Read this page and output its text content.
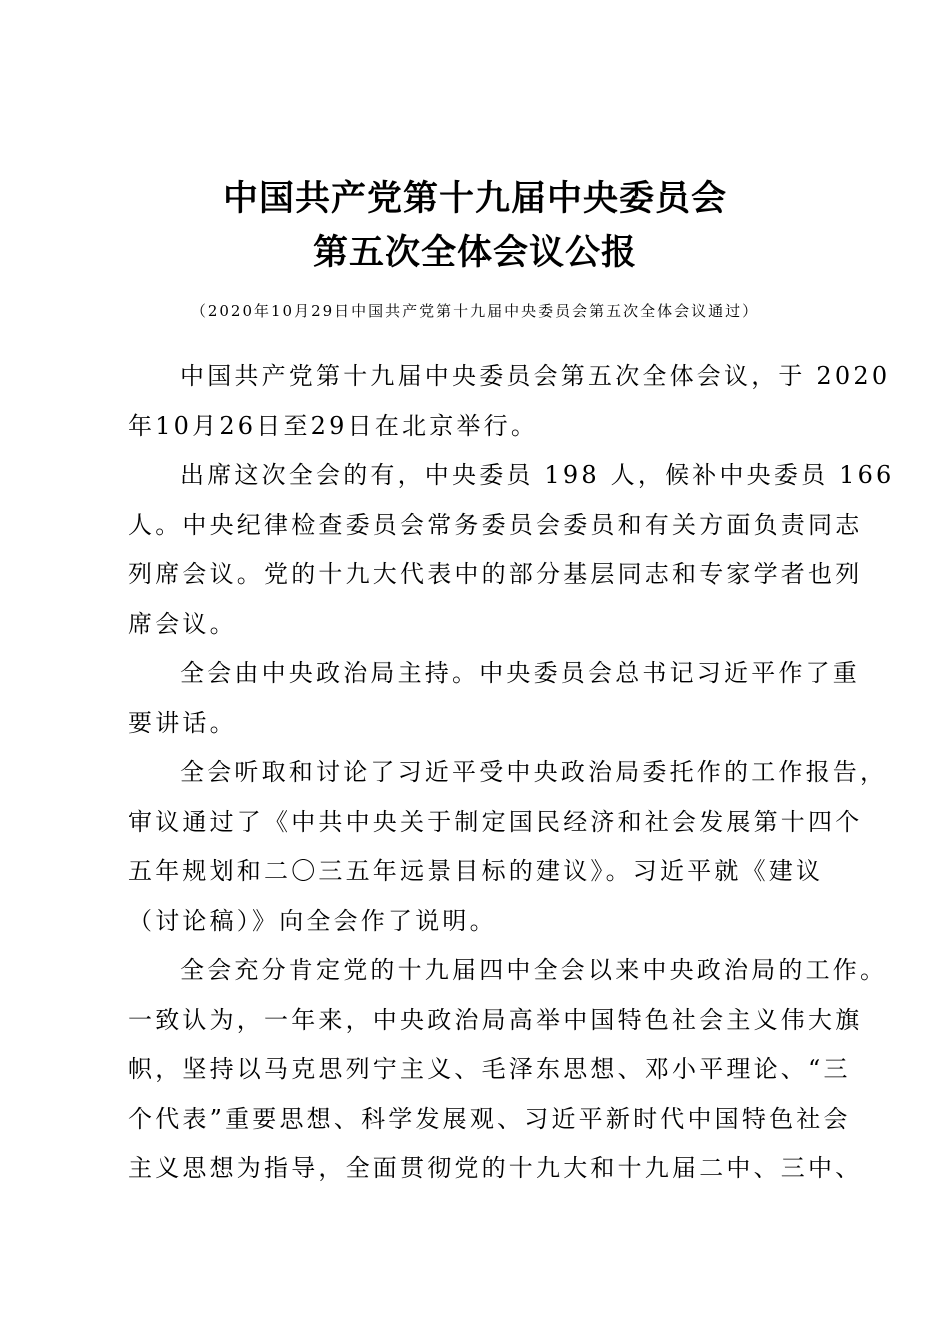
中国共产党第十九届中央委员会
第五次全体会议公报
（2020年10月29日中国共产党第十九届中央委员会第五次全体会议通过）

中国共产党第十九届中央委员会第五次全体会议，于 2020
年10月26日至29日在北京举行。

出席这次全会的有，中央委员 198 人，候补中央委员 166
人。中央纪律检查委员会常务委员会委员和有关方面负责同志
列席会议。党的十九大代表中的部分基层同志和专家学者也列
席会议。

全会由中央政治局主持。中央委员会总书记习近平作了重
要讲话。

全会听取和讨论了习近平受中央政治局委托作的工作报告，
审议通过了《中共中央关于制定国民经济和社会发展第十四个
五年规划和二〇三五年远景目标的建议》。习近平就《建议
（讨论稿）》向全会作了说明。

全会充分肯定党的十九届四中全会以来中央政治局的工作。
一致认为，一年来，中央政治局高举中国特色社会主义伟大旗
帜，坚持以马克思列宁主义、毛泽东思想、邓小平理论、“三
个代表”重要思想、科学发展观、习近平新时代中国特色社会
主义思想为指导，全面贯彻党的十九大和十九届二中、三中、
